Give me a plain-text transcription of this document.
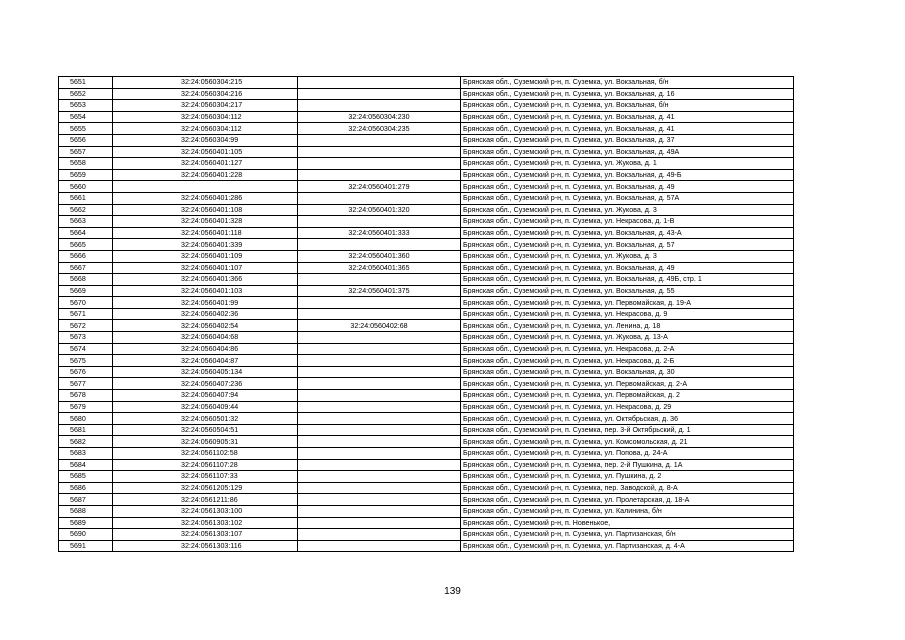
5651	32:24:0560304:215		Брянская обл., Суземский р-н, п. Суземка, ул. Вокзальная, б/н
5652	32:24:0560304:216		Брянская обл., Суземский р-н, п. Суземка, ул. Вокзальная, д. 16
5653	32:24:0560304:217		Брянская обл., Суземский р-н, п. Суземка, ул. Вокзальная, б/н
5654	32:24:0560304:112	32:24:0560304:230	Брянская обл., Суземский р-н, п. Суземка, ул. Вокзальная, д. 41
5655	32:24:0560304:112	32:24:0560304:235	Брянская обл., Суземский р-н, п. Суземка, ул. Вокзальная, д. 41
5656	32:24:0560304:99		Брянская обл., Суземский р-н, п. Суземка, ул. Вокзальная, д. 37
5657	32:24:0560401:105		Брянская обл., Суземский р-н, п. Суземка, ул. Вокзальная, д. 49А
5658	32:24:0560401:127		Брянская обл., Суземский р-н, п. Суземка, ул. Жукова, д. 1
5659	32:24:0560401:228		Брянская обл., Суземский р-н, п. Суземка, ул. Вокзальная, д. 49-Б
5660		32:24:0560401:279	Брянская обл., Суземский р-н, п. Суземка, ул. Вокзальная, д. 49
5661	32:24:0560401:286		Брянская обл., Суземский р-н, п. Суземка, ул. Вокзальная, д. 57А
5662	32:24:0560401:108	32:24:0560401:320	Брянская обл., Суземский р-н, п. Суземка, ул. Жукова, д. 3
5663	32:24:0560401:328		Брянская обл., Суземский р-н, п. Суземка, ул. Некрасова, д. 1-В
5664	32:24:0560401:118	32:24:0560401:333	Брянская обл., Суземский р-н, п. Суземка, ул. Вокзальная, д. 43-А
5665	32:24:0560401:339		Брянская обл., Суземский р-н, п. Суземка, ул. Вокзальная, д. 57
5666	32:24:0560401:109	32:24:0560401:360	Брянская обл., Суземский р-н, п. Суземка, ул. Жукова, д. 3
5667	32:24:0560401:107	32:24:0560401:365	Брянская обл., Суземский р-н, п. Суземка, ул. Вокзальная, д. 49
5668	32:24:0560401:366		Брянская обл., Суземский р-н, п. Суземка, ул. Вокзальная, д. 49Б, стр. 1
5669	32:24:0560401:103	32:24:0560401:375	Брянская обл., Суземский р-н, п. Суземка, ул. Вокзальная, д. 55
5670	32:24:0560401:99		Брянская обл., Суземский р-н, п. Суземка, ул. Первомайская, д. 19-А
5671	32:24:0560402:36		Брянская обл., Суземский р-н, п. Суземка, ул. Некрасова, д. 9
5672	32:24:0560402:54	32:24:0560402:68	Брянская обл., Суземский р-н, п. Суземка, ул. Ленина, д. 18
5673	32:24:0560404:68		Брянская обл., Суземский р-н, п. Суземка, ул. Жукова, д. 13-А
5674	32:24:0560404:86		Брянская обл., Суземский р-н, п. Суземка, ул. Некрасова, д. 2-А
5675	32:24:0560404:87		Брянская обл., Суземский р-н, п. Суземка, ул. Некрасова, д. 2-Б
5676	32:24:0560405:134		Брянская обл., Суземский р-н, п. Суземка, ул. Вокзальная, д. 30
5677	32:24:0560407:236		Брянская обл., Суземский р-н, п. Суземка, ул. Первомайская, д. 2-А
5678	32:24:0560407:94		Брянская обл., Суземский р-н, п. Суземка, ул. Первомайская, д. 2
5679	32:24:0560409:44		Брянская обл., Суземский р-н, п. Суземка, ул. Некрасова, д. 29
5680	32:24:0560501:32		Брянская обл., Суземский р-н, п. Суземка, ул. Октябрьская, д. 36
5681	32:24:0560504:51		Брянская обл., Суземский р-н, п. Суземка, пер. 3-й Октябрьский, д. 1
5682	32:24:0560905:31		Брянская обл., Суземский р-н, п. Суземка, ул. Комсомольская, д. 21
5683	32:24:0561102:58		Брянская обл., Суземский р-н, п. Суземка, ул. Попова, д. 24-А
5684	32:24:0561107:28		Брянская обл., Суземский р-н, п. Суземка, пер. 2-й Пушкина, д. 1А
5685	32:24:0561107:33		Брянская обл., Суземский р-н, п. Суземка, ул. Пушкина, д. 2
5686	32:24:0561205:129		Брянская обл., Суземский р-н, п. Суземка, пер. Заводской, д. 8-А
5687	32:24:0561211:86		Брянская обл., Суземский р-н, п. Суземка, ул. Пролетарская, д. 18-А
5688	32:24:0561303:100		Брянская обл., Суземский р-н, п. Суземка, ул. Калинина, б/н
5689	32:24:0561303:102		Брянская обл., Суземский р-н, п. Новенькое,
5690	32:24:0561303:107		Брянская обл., Суземский р-н, п. Суземка, ул. Партизанская, б/н
5691	32:24:0561303:116		Брянская обл., Суземский р-н, п. Суземка, ул. Партизанская, д. 4-А
139
